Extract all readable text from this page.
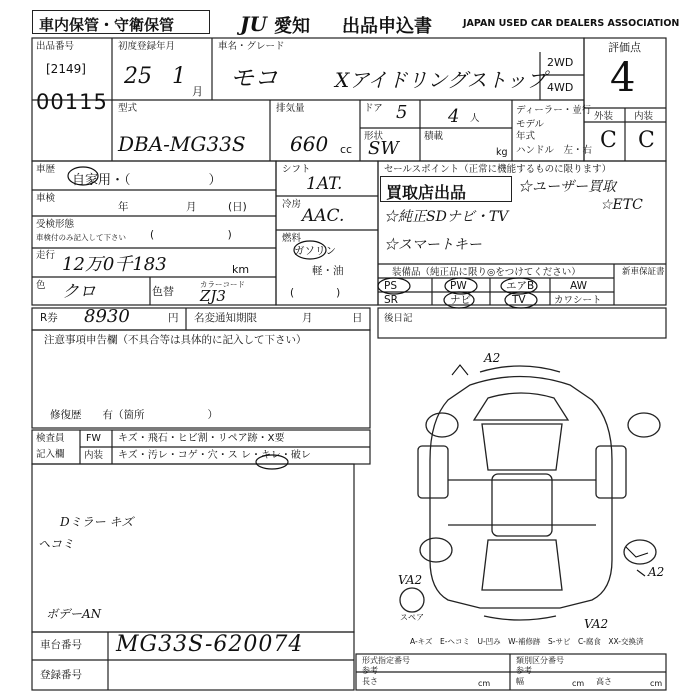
車内保管・守衛保管	JU 愛知 出品申込書	JAPAN USED CAR DEALERS ASSOCIATION
出品番号
[2149]
00115
初度登録年月
25 1
月
車名・グレード
モコ	Xアイドリングストップ
2WD
4WD
評価点
4
外装 内装
C C
型式
DBA-MG33S
排気量
660 cc
ドア 5 4 人
形状
SW
積載
kg
ディーラー・並行
モデル
年式
ハンドル　左・右
車歴
自家用・（　　　　　　）
車検
年	月	(日)
受検形態
車検付のみ記入して下さい (　　　　　　　)
走行 12万0千183	km
色 クロ	色替
カラーコード
ZJ3
シフト
1AT.
冷房
AAC.
燃料
ガソリン
軽・油
(　　　　)
セールスポイント（正常に機能するものに限ります）
買取店出品	☆ユーザー買取
☆ETC
☆純正SDナビ・TV
☆スマートキー
装備品（純正品に限り◎をつけてください）	新車保証書
PS	PW	エアB	AW
SR	ナビ	TV	カワシート
R券 8930	円 名変通知期限	月	日 後日記
注意事項申告欄（不具合等は具体的に記入して下さい）
修復歴　　有（箇所　　　　　　）
検査員
記入欄
FW キズ・飛石・ヒビ割・リペア跡・X要
内装 キズ・汚レ・コゲ・穴・ス レ・キレ・破レ
Dミラー キズ
ヘコミ
ボデーAN
A2
A2
VA2
VA2
スペア
A-キズ　E-ヘコミ　U-凹み　W-補修跡　S-サビ　C-腐食　XX-交換済
車台番号 MG33S-620074
登録番号
形式指定番号
参考
類別区分番号
参考
長さ	cm	幅	cm 高さ	cm
